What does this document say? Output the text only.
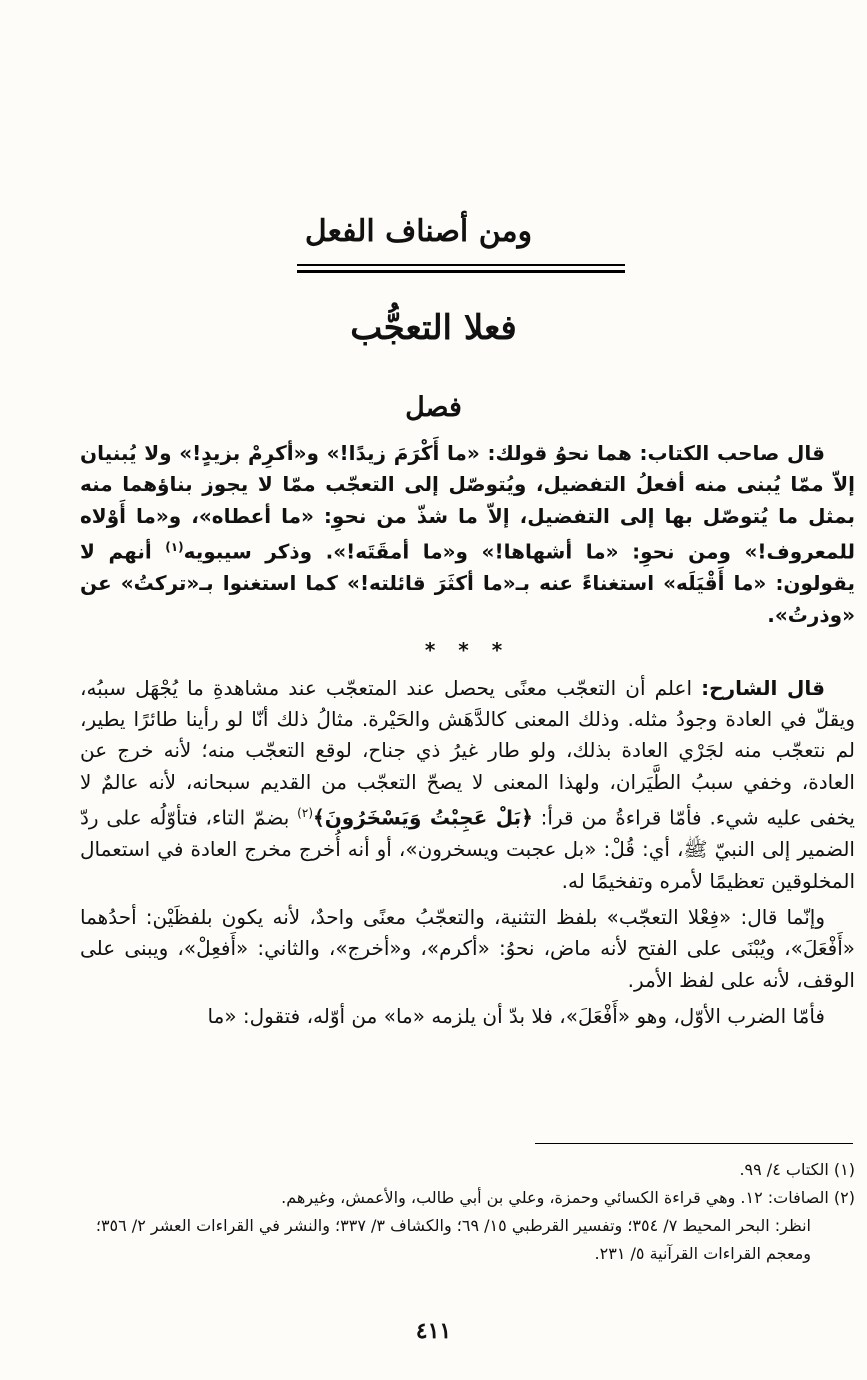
ومن أصناف الفعل
فعلا التعجُّب
فصل

قال صاحب الكتاب: هما نحوُ قولك: «ما أَكْرَمَ زيدًا!» و«أكرِمْ بزيدٍ!» ولا يُبنيان إلاّ ممّا يُبنى منه أفعلُ التفضيل، ويُتوصّل إلى التعجّب ممّا لا يجوز بناؤهما منه بمثل ما يُتوصّل بها إلى التفضيل، إلاّ ما شذّ من نحوِ: «ما أعطاه»، و«ما أَوْلاه للمعروف!» ومن نحوِ: «ما أشهاها!» و«ما أمقَتَه!». وذكر سيبويه$^{(١)}$ أنهم لا يقولون: «ما أَقْيَلَه» استغناءً عنه بـ«ما أكثَرَ قائلته!» كما استغنوا بـ«تركتُ» عن «وذرتُ».

* * *

قال الشارح: اعلم أن التعجّب معنًى يحصل عند المتعجّب عند مشاهدةِ ما يُجْهَل سببُه، ويقلّ في العادة وجودُ مثله. وذلك المعنى كالدَّهَش والحَيْرة. مثالُ ذلك أنّا لو رأينا طائرًا يطير، لم نتعجّب منه لجَرْي العادة بذلك، ولو طار غيرُ ذي جناح، لوقع التعجّب منه؛ لأنه خرج عن العادة، وخفي سببُ الطَّيَران، ولهذا المعنى لا يصحّ التعجّب من القديم سبحانه، لأنه عالمٌ لا يخفى عليه شيء. فأمّا قراءةُ من قرأ: ﴿بَلْ عَجِبْتُ وَيَسْخَرُونَ﴾$^{(٢)}$ بضمّ التاء، فتأوّلُه على ردّ الضمير إلى النبيّ ﷺ، أي: قُلْ: «بل عجبت ويسخرون»، أو أنه أُخرج مخرج العادة في استعمال المخلوقين تعظيمًا لأمره وتفخيمًا له.

وإنّما قال: «فِعْلا التعجّب» بلفظ التثنية، والتعجّبُ معنًى واحدٌ، لأنه يكون بلفظَيْن: أحدُهما «أَفْعَلَ»، ويُبْنَى على الفتح لأنه ماض، نحوُ: «أكرم»، و«أخرج»، والثاني: «أَفعِلْ»، ويبنى على الوقف، لأنه على لفظ الأمر.

فأمّا الضرب الأوّل، وهو «أَفْعَلَ»، فلا بدّ أن يلزمه «ما» من أوّله، فتقول: «ما

(١) الكتاب ٤/ ٩٩.

(٢) الصافات: ١٢. وهي قراءة الكسائي وحمزة، وعلي بن أبي طالب، والأعمش، وغيرهم.

انظر: البحر المحيط ٧/ ٣٥٤؛ وتفسير القرطبي ١٥/ ٦٩؛ والكشاف ٣/ ٣٣٧؛ والنشر في القراءات العشر ٢/ ٣٥٦؛ ومعجم القراءات القرآنية ٥/ ٢٣١.

٤١١
